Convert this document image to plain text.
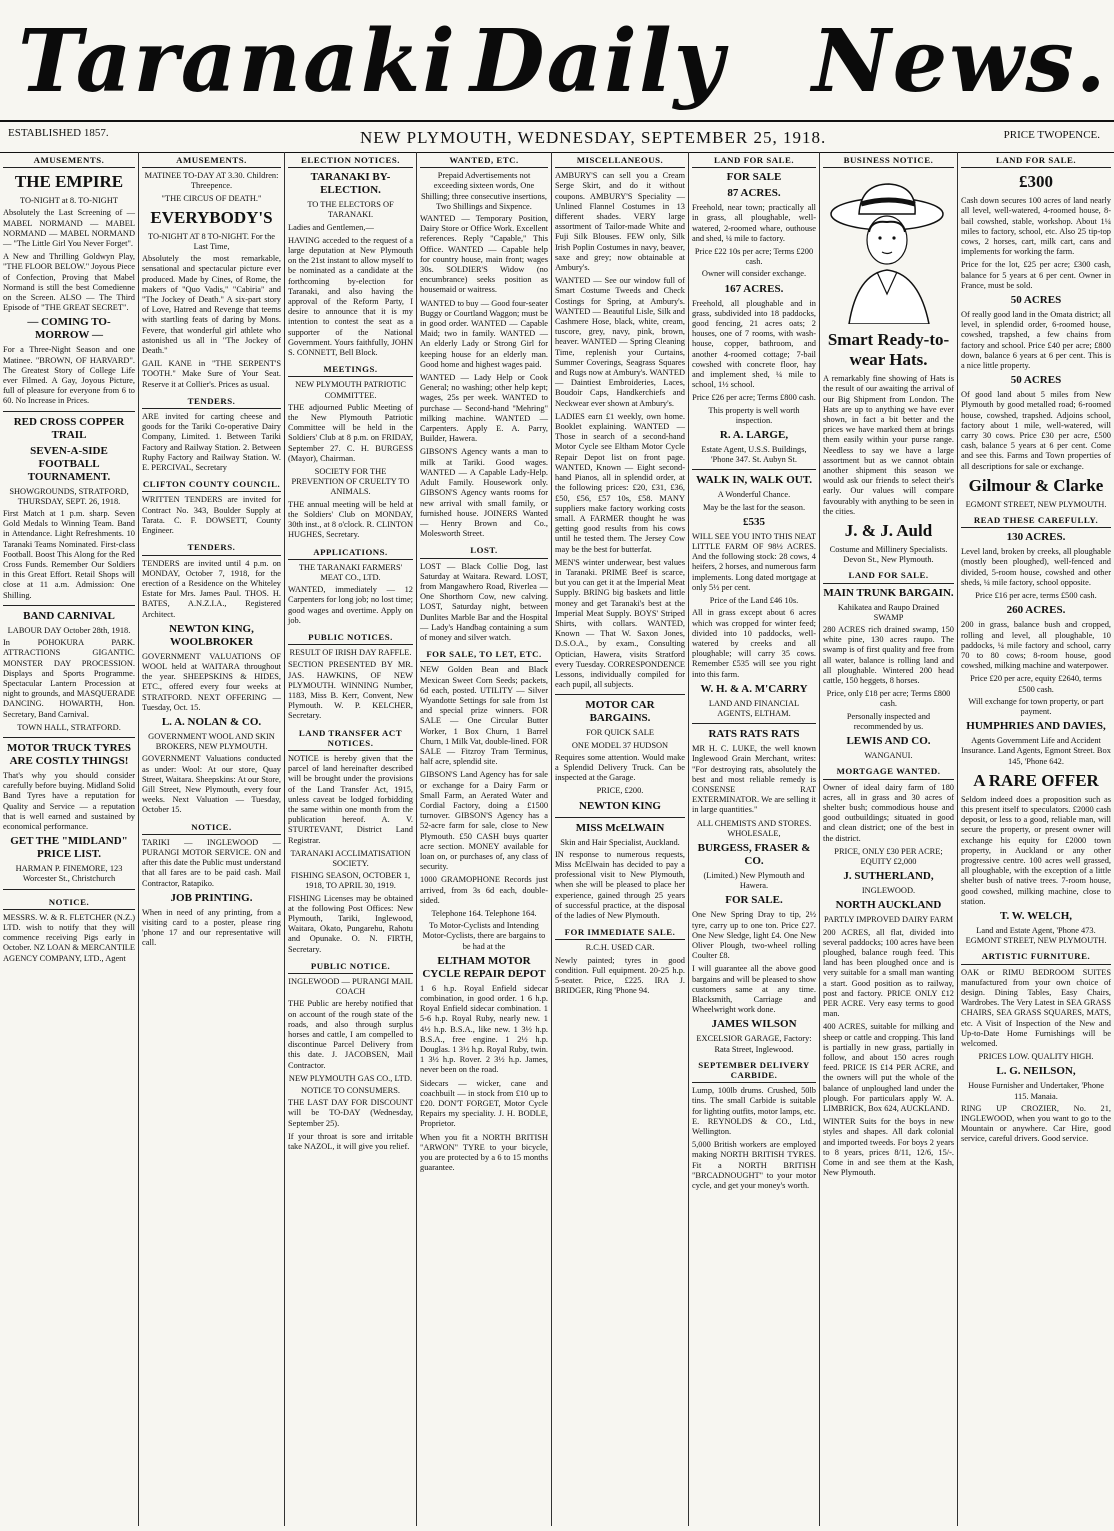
Taranaki Daily News.
ESTABLISHED 1857.	NEW PLYMOUTH, WEDNESDAY, SEPTEMBER 25, 1918.	PRICE TWOPENCE.
AMUSEMENTS.
THE EMPIRE
TO-NIGHT at 8. TO-NIGHT
Absolutely the Last Screening of — MABEL NORMAND — MABEL NORMAND — MABEL NORMAND — "The Little Girl You Never Forget".
A New and Thrilling Goldwyn Play, "THE FLOOR BELOW." Joyous Piece of Confection, Proving that Mabel Normand is still the best Comedienne on the Screen. ALSO — The Third Episode of "THE GREAT SECRET".
— COMING TO-MORROW —
For a Three-Night Season and one Matinee. "BROWN, OF HARVARD". The Greatest Story of College Life ever Filmed. A Gay, Joyous Picture, full of pleasure for everyone from 6 to 60. No Increase in Prices.
RED CROSS COPPER TRAIL
SEVEN-A-SIDE FOOTBALL TOURNAMENT.
SHOWGROUNDS, STRATFORD, THURSDAY, SEPT. 26, 1918.
First Match at 1 p.m. sharp. Seven Gold Medals to Winning Team. Band in Attendance. Light Refreshments. 10 Taranaki Teams Nominated. First-class Football. Boost This Along for the Red Cross Funds. Remember Our Soldiers in this Great Effort. Retail Shops will close at 11 a.m. Admission: One Shilling.
BAND CARNIVAL
LABOUR DAY October 28th, 1918.
In POHOKURA PARK. ATTRACTIONS GIGANTIC. MONSTER DAY PROCESSION. Displays and Sports Programme. Spectacular Lantern Procession at night to grounds, and MASQUERADE DANCING. HOWARTH, Hon. Secretary, Band Carnival.
TOWN HALL, STRATFORD.
MOTOR TRUCK TYRES ARE COSTLY THINGS!
That's why you should consider carefully before buying. Midland Solid Band Tyres have a reputation for Quality and Service — a reputation that is well earned and sustained by economical performance.
GET THE "MIDLAND" PRICE LIST.
HARMAN P. FINEMORE, 123 Worcester St., Christchurch
NOTICE.
MESSRS. W. & R. FLETCHER (N.Z.) LTD. wish to notify that they will commence receiving Pigs early in October. NZ LOAN & MERCANTILE AGENCY COMPANY, LTD., Agent
AMUSEMENTS.
MATINEE TO-DAY AT 3.30. Children: Threepence.
"THE CIRCUS OF DEATH."
EVERYBODY'S
TO-NIGHT AT 8 TO-NIGHT. For the Last Time,
Absolutely the most remarkable, sensational and spectacular picture ever produced. Made by Cines, of Rome, the makers of "Quo Vadis," "Cabiria" and "The Jockey of Death." A six-part story of Love, Hatred and Revenge that teems with startling feats of daring by Mons. Fevere, that wonderful girl athlete who astonished us all in "The Jockey of Death."
GAIL KANE in "THE SERPENT'S TOOTH." Make Sure of Your Seat. Reserve it at Collier's. Prices as usual.
TENDERS.
ARE invited for carting cheese and goods for the Tariki Co-operative Dairy Company, Limited. 1. Between Tariki Factory and Railway Station. 2. Between Ruphy Factory and Railway Station. W. E. PERCIVAL, Secretary
CLIFTON COUNTY COUNCIL.
WRITTEN TENDERS are invited for Contract No. 343, Boulder Supply at Tarata. C. F. DOWSETT, County Engineer.
TENDERS.
TENDERS are invited until 4 p.m. on MONDAY, October 7, 1918, for the erection of a Residence on the Whiteley Estate for Mrs. James Paul. THOS. H. BATES, A.N.Z.I.A., Registered Architect.
NEWTON KING, WOOLBROKER
GOVERNMENT VALUATIONS OF WOOL held at WAITARA throughout the year. SHEEPSKINS & HIDES, ETC., offered every four weeks at STRATFORD. NEXT OFFERING — Tuesday, Oct. 15.
L. A. NOLAN & CO.
GOVERNMENT WOOL AND SKIN BROKERS, NEW PLYMOUTH.
GOVERNMENT Valuations conducted as under: Wool: At our store, Quay Street, Waitara. Sheepskins: At our Store, Gill Street, New Plymouth, every four weeks. Next Valuation — Tuesday, October 15.
NOTICE.
TARIKI — INGLEWOOD — PURANGI MOTOR SERVICE. ON and after this date the Public must understand that all fares are to be paid cash. Mail Contractor, Ratapiko.
JOB PRINTING.
When in need of any printing, from a visiting card to a poster, please ring 'phone 17 and our representative will call.
ELECTION NOTICES.
TARANAKI BY-ELECTION.
TO THE ELECTORS OF TARANAKI.
Ladies and Gentlemen,—
HAVING acceded to the request of a large deputation at New Plymouth on the 21st instant to allow myself to be nominated as a candidate at the forthcoming by-election for Taranaki, and also having the approval of the Reform Party, I desire to announce that it is my intention to contest the seat as a supporter of the National Government. Yours faithfully, JOHN S. CONNETT, Bell Block.
MEETINGS.
NEW PLYMOUTH PATRIOTIC COMMITTEE.
THE adjourned Public Meeting of the New Plymouth Patriotic Committee will be held in the Soldiers' Club at 8 p.m. on FRIDAY, September 27. C. H. BURGESS (Mayor), Chairman.
SOCIETY FOR THE PREVENTION OF CRUELTY TO ANIMALS.
THE annual meeting will be held at the Soldiers' Club on MONDAY, 30th inst., at 8 o'clock. R. CLINTON HUGHES, Secretary.
APPLICATIONS.
THE TARANAKI FARMERS' MEAT CO., LTD.
WANTED, immediately — 12 Carpenters for long job; no lost time; good wages and overtime. Apply on job.
PUBLIC NOTICES.
RESULT OF IRISH DAY RAFFLE.
SECTION PRESENTED BY MR. JAS. HAWKINS, OF NEW PLYMOUTH. WINNING Number, 1183, Miss B. Kerr, Convent, New Plymouth. W. P. KELCHER, Secretary.
LAND TRANSFER ACT NOTICES.
NOTICE is hereby given that the parcel of land hereinafter described will be brought under the provisions of the Land Transfer Act, 1915, unless caveat be lodged forbidding the same within one month from the publication hereof. A. V. STURTEVANT, District Land Registrar.
TARANAKI ACCLIMATISATION SOCIETY.
FISHING SEASON, OCTOBER 1, 1918, TO APRIL 30, 1919.
FISHING Licenses may be obtained at the following Post Offices: New Plymouth, Tariki, Inglewood, Waitara, Okato, Pungarehu, Rahotu and Opunake. O. N. FIRTH, Secretary.
PUBLIC NOTICE.
INGLEWOOD — PURANGI MAIL COACH
THE Public are hereby notified that on account of the rough state of the roads, and also through surplus horses and cattle, I am compelled to discontinue Parcel Delivery from this date. J. JACOBSEN, Mail Contractor.
NEW PLYMOUTH GAS CO., LTD.
NOTICE TO CONSUMERS.
THE LAST DAY FOR DISCOUNT will be TO-DAY (Wednesday, September 25).
If your throat is sore and irritable take NAZOL, it will give you relief.
WANTED, ETC.
Prepaid Advertisements not exceeding sixteen words, One Shilling; three consecutive insertions, Two Shillings and Sixpence.
WANTED — Temporary Position, Dairy Store or Office Work. Excellent references. Reply "Capable," This Office. WANTED — Capable help for country house, main front; wages 30s. SOLDIER'S Widow (no encumbrance) seeks position as housemaid or waitress.
WANTED to buy — Good four-seater Buggy or Courtland Waggon; must be in good order. WANTED — Capable Maid; two in family. WANTED — An elderly Lady or Strong Girl for keeping house for an elderly man. Good home and highest wages paid.
WANTED — Lady Help or Cook General; no washing; other help kept; wages, 25s per week. WANTED to purchase — Second-hand "Mehring" milking machine. WANTED — Carpenters. Apply E. A. Parry, Builder, Hawera.
GIBSON'S Agency wants a man to milk at Tariki. Good wages. WANTED — A Capable Lady-Help. Adult Family. Housework only. GIBSON'S Agency wants rooms for new arrival with small family, or furnished house. JOINERS Wanted — Henry Brown and Co., Molesworth Street.
LOST.
LOST — Black Collie Dog, last Saturday at Waitara. Reward. LOST, from Mangawhero Road, Riverlea — One Shorthorn Cow, new calving. LOST, Saturday night, between Dunlites Marble Bar and the Hospital — Lady's Handbag containing a sum of money and silver watch.
FOR SALE, TO LET, ETC.
NEW Golden Bean and Black Mexican Sweet Corn Seeds; packets, 6d each, posted. UTILITY — Silver Wyandotte Settings for sale from 1st and special prize winners. FOR SALE — One Circular Butter Worker, 1 Box Churn, 1 Barrel Churn, 1 Milk Vat, double-lined. FOR SALE — Fitzroy Tram Terminus, half acre, splendid site.
GIBSON'S Land Agency has for sale or exchange for a Dairy Farm or Small Farm, an Aerated Water and Cordial Factory, doing a £1500 turnover. GIBSON'S Agency has a 52-acre farm for sale, close to New Plymouth. £50 CASH buys quarter acre section. MONEY available for loan on, or purchases of, any class of security.
1000 GRAMOPHONE Records just arrived, from 3s 6d each, double-sided.
Telephone 164. Telephone 164.
To Motor-Cyclists and Intending Motor-Cyclists, there are bargains to be had at the
ELTHAM MOTOR CYCLE REPAIR DEPOT
1 6 h.p. Royal Enfield sidecar combination, in good order. 1 6 h.p. Royal Enfield sidecar combination. 1 5-6 h.p. Royal Ruby, nearly new. 1 4½ h.p. B.S.A., like new. 1 3½ h.p. B.S.A., free engine. 1 2½ h.p. Douglas. 1 3½ h.p. Royal Ruby, twin. 1 3½ h.p. Rover. 2 3½ h.p. James, never been on the road.
Sidecars — wicker, cane and coachbuilt — in stock from £10 up to £20. DON'T FORGET, Motor Cycle Repairs my speciality. J. H. BODLE, Proprietor.
When you fit a NORTH BRITISH "ARWON" TYRE to your bicycle, you are protected by a 6 to 15 months guarantee.
MISCELLANEOUS.
AMBURY'S can sell you a Cream Serge Skirt, and do it without coupons. AMBURY'S Speciality — Unlined Flannel Costumes in 13 different shades. VERY large assortment of Tailor-made White and Fuji Silk Blouses. FEW only, Silk Irish Poplin Costumes in navy, beaver, saxe and grey; now obtainable at Ambury's.
WANTED — See our window full of Smart Costume Tweeds and Check Costings for Spring, at Ambury's. WANTED — Beautiful Lisle, Silk and Cashmere Hose, black, white, cream, tuscore, grey, navy, pink, brown, heaver. WANTED — Spring Cleaning Time, replenish your Curtains, Summer Coverings, Seagrass Squares and Rugs now at Ambury's. WANTED — Daintiest Embroideries, Laces, Boudoir Caps, Handkerchiefs and Neckwear ever shown at Ambury's.
LADIES earn £1 weekly, own home. Booklet explaining. WANTED — Those in search of a second-hand Motor Cycle see Eltham Motor Cycle Repair Depot list on front page. WANTED, Known — Eight second-hand Pianos, all in splendid order, at the following prices: £20, £31, £36, £50, £56, £57 10s, £58. MANY suppliers make factory working costs small. A FARMER thought he was getting good results from his cows until he tested them. The Jersey Cow may be the best for butterfat.
MEN'S winter underwear, best values in Taranaki. PRIME Beef is scarce, but you can get it at the Imperial Meat Supply. BRING big baskets and little money and get Taranaki's best at the Imperial Meat Supply. BOYS' Striped Shirts, with collars. WANTED, Known — That W. Saxon Jones, D.S.O.A., by exam., Consulting Optician, Hawera, visits Stratford every Tuesday. CORRESPONDENCE Lessons, individually compiled for each pupil, all subjects.
MOTOR CAR BARGAINS.
FOR QUICK SALE
ONE MODEL 37 HUDSON
Requires some attention. Would make a Splendid Delivery Truck. Can be inspected at the Garage.
PRICE, £200.
NEWTON KING
MISS McELWAIN
Skin and Hair Specialist, Auckland.
IN response to numerous requests, Miss McElwain has decided to pay a professional visit to New Plymouth, when she will be pleased to place her experience, gained through 25 years of successful practice, at the disposal of the ladies of New Plymouth.
FOR IMMEDIATE SALE.
R.C.H. USED CAR.
Newly painted; tyres in good condition. Full equipment. 20-25 h.p. 5-seater. Price, £225. IRA J. BRIDGER, Ring 'Phone 94.
LAND FOR SALE.
FOR SALE
87 ACRES.
Freehold, near town; practically all in grass, all ploughable, well-watered, 2-roomed whare, outhouse and shed, ¼ mile to factory.
Price £22 10s per acre; Terms £200 cash.
Owner will consider exchange.
167 ACRES.
Freehold, all ploughable and in grass, subdivided into 18 paddocks, good fencing, 21 acres oats; 2 houses, one of 7 rooms, with wash-house, copper, bathroom, and another 4-roomed cottage; 7-bail cowshed with concrete floor, hay and implement shed, ¼ mile to school, 1½ school.
Price £26 per acre; Terms £800 cash.
This property is well worth inspection.
R. A. LARGE,
Estate Agent, U.S.S. Buildings, 'Phone 347. St. Aubyn St.
WALK IN, WALK OUT.
A Wonderful Chance.
May be the last for the season.
£535
WILL SEE YOU INTO THIS NEAT LITTLE FARM OF 98½ ACRES. And the following stock: 28 cows, 4 heifers, 2 horses, and numerous farm implements. Long dated mortgage at only 5½ per cent.
Price of the Land £46 10s.
All in grass except about 6 acres which was cropped for winter feed; divided into 10 paddocks, well-watered by creeks and all ploughable; will carry 35 cows. Remember £535 will see you right into this farm.
W. H. & A. M'CARRY
LAND AND FINANCIAL AGENTS, ELTHAM.
RATS RATS RATS
MR H. C. LUKE, the well known Inglewood Grain Merchant, writes: "For destroying rats, absolutely the best and most reliable remedy is CONSENSE RAT EXTERMINATOR. We are selling it in large quantities."
ALL CHEMISTS AND STORES. WHOLESALE,
BURGESS, FRASER & CO.
(Limited.) New Plymouth and Hawera.
FOR SALE.
One New Spring Dray to tip, 2½ tyre, carry up to one ton. Price £27. One New Sledge, light £4. One New Oliver Plough, two-wheel rolling Coulter £8.
I will guarantee all the above good bargains and will be pleased to show customers same at any time. Blacksmith, Carriage and Wheelwright work done.
JAMES WILSON
EXCELSIOR GARAGE, Factory: Rata Street, Inglewood.
SEPTEMBER DELIVERY CARBIDE.
Lump, 100lb drums. Crushed, 50lb tins. The small Carbide is suitable for lighting outfits, motor lamps, etc. E. REYNOLDS & CO., Ltd., Wellington.
5,000 British workers are employed making NORTH BRITISH TYRES. Fit a NORTH BRITISH "BRCADNOUGHT" to your motor cycle, and get your money's worth.
BUSINESS NOTICE.
Smart Ready-to-wear Hats.
A remarkably fine showing of Hats is the result of our awaiting the arrival of our Big Shipment from London. The Hats are up to anything we have ever shown, in fact a bit better and the prices we have marked them at brings them easily within your purse range. Needless to say we have a large assortment but as we cannot obtain another shipment this season we would ask our friends to select their's early. Our values will compare favourably with anything to be seen in the cities.
J. & J. Auld
Costume and Millinery Specialists. Devon St., New Plymouth.
LAND FOR SALE.
MAIN TRUNK BARGAIN.
Kahikatea and Raupo Drained SWAMP
280 ACRES rich drained swamp, 150 white pine, 130 acres raupo. The swamp is of first quality and free from all water, balance is rolling land and all ploughable. Wintered 200 head cattle, 150 heggets, 8 horses.
Price, only £18 per acre; Terms £800 cash.
Personally inspected and recommended by us.
LEWIS AND CO.
WANGANUI.
MORTGAGE WANTED.
Owner of ideal dairy farm of 180 acres, all in grass and 30 acres of shelter bush; commodious house and good outbuildings; situated in good and clean district; one of the best in the district.
PRICE, ONLY £30 PER ACRE; EQUITY £2,000
J. SUTHERLAND,
INGLEWOOD.
NORTH AUCKLAND
PARTLY IMPROVED DAIRY FARM
200 ACRES, all flat, divided into several paddocks; 100 acres have been ploughed, balance rough feed. This land has been ploughed once and is very suitable for a small man wanting a start. Good position as to railway, post and factory. PRICE ONLY £12 PER ACRE. Very easy terms to good man.
400 ACRES, suitable for milking and sheep or cattle and cropping. This land is partially in new grass, partially in follow, and about 150 acres rough feed. PRICE IS £14 PER ACRE, and the owners will put the whole of the balance of unploughed land under the plough. For particulars apply W. A. LIMBRICK, Box 624, AUCKLAND.
WINTER Suits for the boys in new styles and shapes. All dark colonial and imported tweeds. For boys 2 years to 8 years, prices 8/11, 12/6, 15/-. Come in and see them at the Kash, New Plymouth.
LAND FOR SALE.
£300
Cash down secures 100 acres of land nearly all level, well-watered, 4-roomed house, 8-bail cowshed, stable, workshop. About 1¼ miles to factory, school, etc. Also 25 tip-top cows, 2 horses, cart, milk cart, cans and implements for working the farm.
Price for the lot, £25 per acre; £300 cash, balance for 5 years at 6 per cent. Owner in France, must be sold.
50 ACRES
Of really good land in the Omata district; all level, in splendid order, 6-roomed house, cowshed, trapshed, a few chains from factory and school. Price £40 per acre; £800 down, balance 6 years at 6 per cent. This is a nice little property.
50 ACRES
Of good land about 5 miles from New Plymouth by good metalled road; 6-roomed house, cowshed, trapshed. Adjoins school, factory about 1 mile, well-watered, will carry 30 cows. Price £30 per acre, £500 cash, balance 5 years at 6 per cent. Come and see this. Farms and Town properties of all descriptions for sale or exchange.
Gilmour & Clarke
EGMONT STREET, NEW PLYMOUTH.
READ THESE CAREFULLY.
130 ACRES.
Level land, broken by creeks, all ploughable (mostly been ploughed), well-fenced and divided, 5-room house, cowshed and other sheds, ¼ mile factory, school opposite.
Price £16 per acre, terms £500 cash.
260 ACRES.
200 in grass, balance bush and cropped, rolling and level, all ploughable, 10 paddocks, ¼ mile factory and school, carry 70 to 80 cows; 8-room house, good cowshed, milking machine and waterpower.
Price £20 per acre, equity £2640, terms £500 cash.
Will exchange for town property, or part payment.
HUMPHRIES AND DAVIES,
Agents Government Life and Accident Insurance. Land Agents, Egmont Street. Box 145, 'Phone 642.
A RARE OFFER
Seldom indeed does a proposition such as this present itself to speculators. £2000 cash deposit, or less to a good, reliable man, will secure the property, or present owner will exchange his equity for £2000 town property, in Auckland or any other progressive centre. 100 acres well grassed, all ploughable, with the exception of a little shelter bush of native trees. 7-room house, good cowshed, milking machine, close to station.
T. W. WELCH,
Land and Estate Agent, 'Phone 473. EGMONT STREET, NEW PLYMOUTH.
ARTISTIC FURNITURE.
OAK or RIMU BEDROOM SUITES manufactured from your own choice of design. Dining Tables, Easy Chairs, Wardrobes. The Very Latest in SEA GRASS CHAIRS, SEA GRASS SQUARES, MATS, etc. A Visit of Inspection of the New and Up-to-Date Home Furnishings will be welcomed.
PRICES LOW. QUALITY HIGH.
L. G. NEILSON,
House Furnisher and Undertaker, 'Phone 115. Manaia.
RING UP CROZIER, No. 21, INGLEWOOD, when you want to go to the Mountain or anywhere. Car Hire, good service, careful drivers. Good service.
